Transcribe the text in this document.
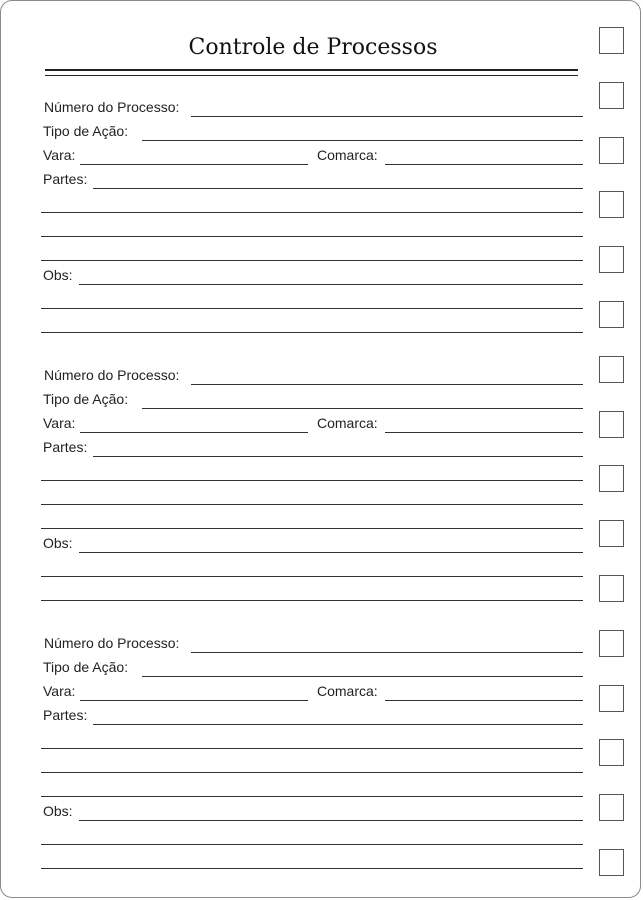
Controle de Processos
Número do Processo:
Tipo de Ação:
Vara:	Comarca:
Partes:
Obs:
Número do Processo:
Tipo de Ação:
Vara:	Comarca:
Partes:
Obs:
Número do Processo:
Tipo de Ação:
Vara:	Comarca:
Partes:
Obs:
